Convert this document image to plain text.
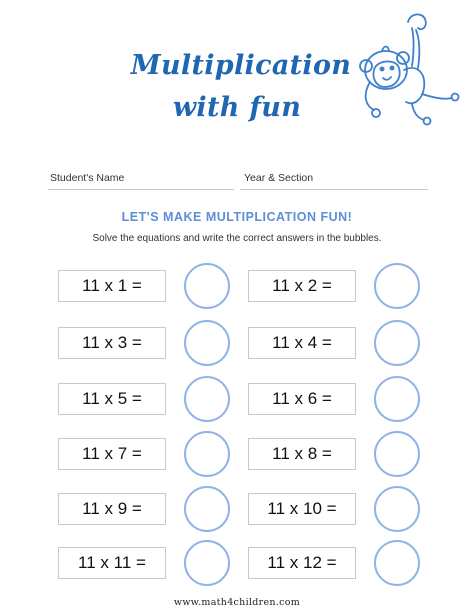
Multiplication
with fun
Student's Name	Year & Section
LET'S MAKE MULTIPLICATION FUN!
Solve the equations and write the correct answers in the bubbles.
11 x 1 =	11 x 2 =
11 x 3 =	11 x 4 =
11 x 5 =	11 x 6 =
11 x 7 =	11 x 8 =
11 x 9 =	11 x 10 =
11 x 11 =	11 x 12 =
www.math4children.com
